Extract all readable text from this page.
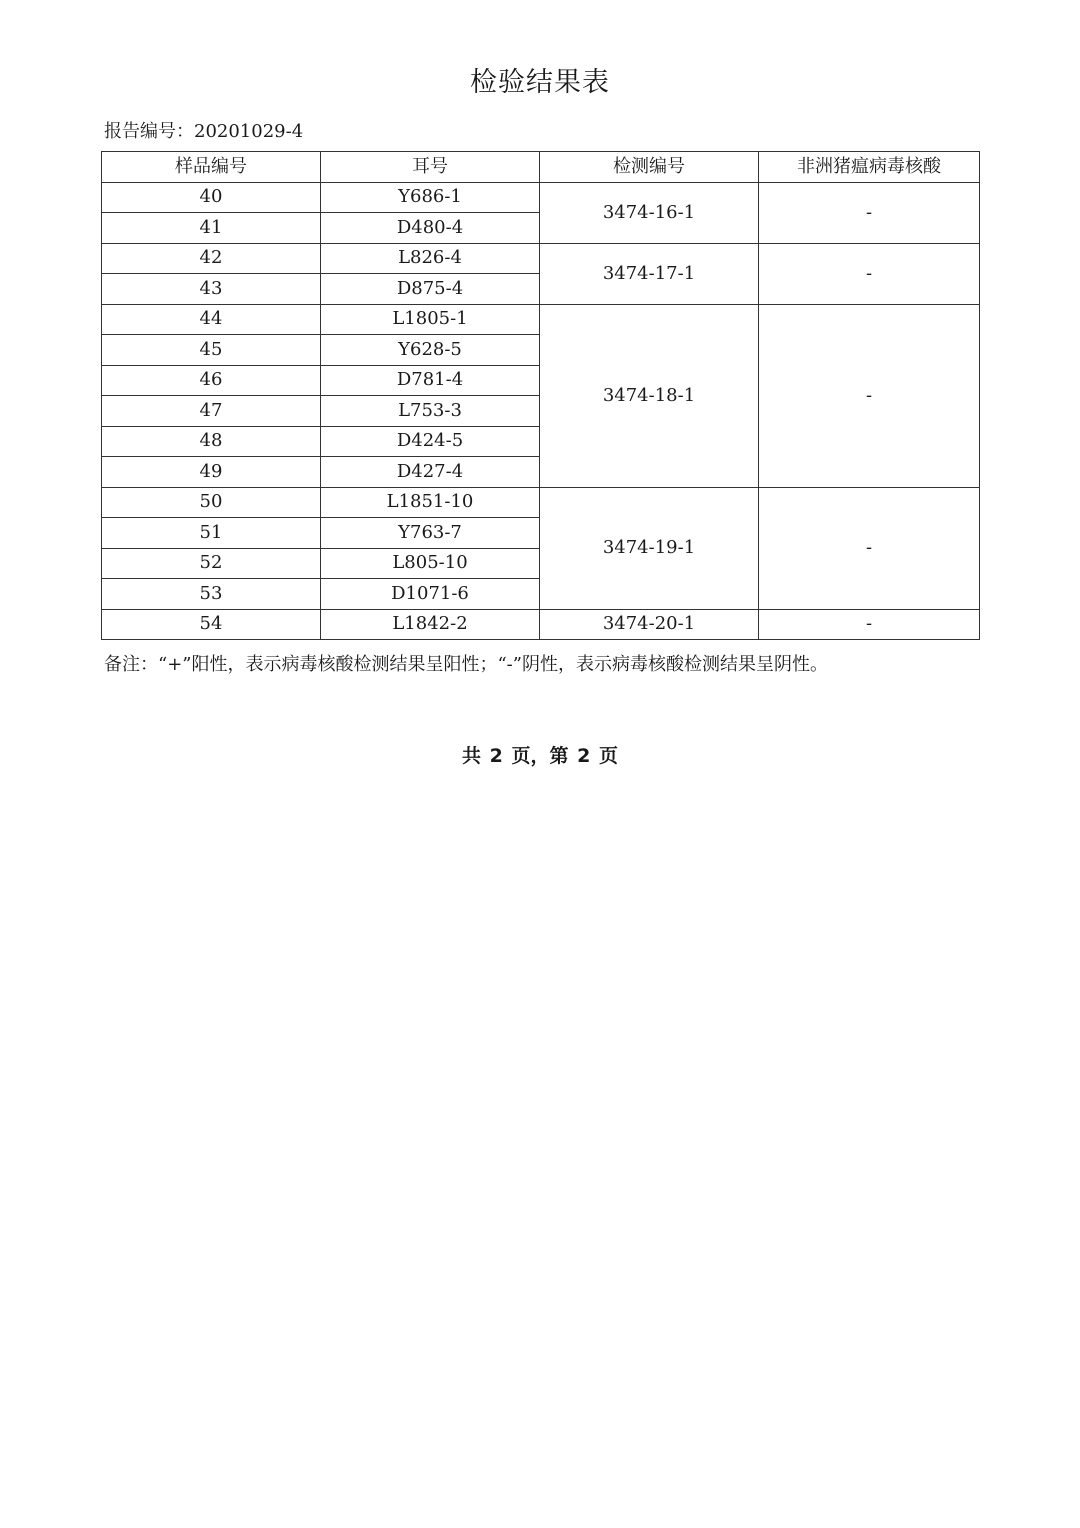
检验结果表
报告编号：20201029-4
样品编号	耳号	检测编号	非洲猪瘟病毒核酸
40	Y686-1	3474-16-1	-
41	D480-4		
42	L826-4	3474-17-1	-
43	D875-4		
44	L1805-1	3474-18-1	-
45	Y628-5		
46	D781-4		
47	L753-3		
48	D424-5		
49	D427-4		
50	L1851-10	3474-19-1	-
51	Y763-7		
52	L805-10		
53	D1071-6		
54	L1842-2	3474-20-1	-
备注：“+”阳性，表示病毒核酸检测结果呈阳性；“-”阴性，表示病毒核酸检测结果呈阴性。
共 2 页，第 2 页
